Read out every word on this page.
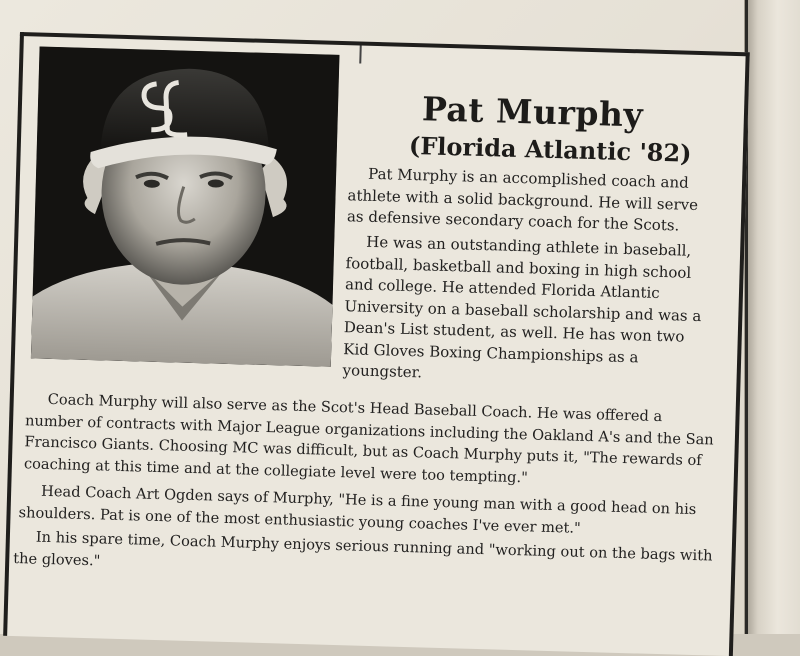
Pat Murphy
(Florida Atlantic '82)

Pat Murphy is an accomplished coach and athlete with a solid background. He will serve as defensive secondary coach for the Scots.

He was an outstanding athlete in baseball, football, basketball and boxing in high school and college. He attended Florida Atlantic University on a baseball scholarship and was a Dean's List student, as well. He has won two Kid Gloves Boxing Championships as a youngster.

Coach Murphy will also serve as the Scot's Head Baseball Coach. He was offered a number of contracts with Major League organizations including the Oakland A's and the San Francisco Giants. Choosing MC was difficult, but as Coach Murphy puts it, "The rewards of coaching at this time and at the collegiate level were too tempting."

Head Coach Art Ogden says of Murphy, "He is a fine young man with a good head on his shoulders. Pat is one of the most enthusiastic young coaches I've ever met."

In his spare time, Coach Murphy enjoys serious running and "working out on the bags with the gloves."
